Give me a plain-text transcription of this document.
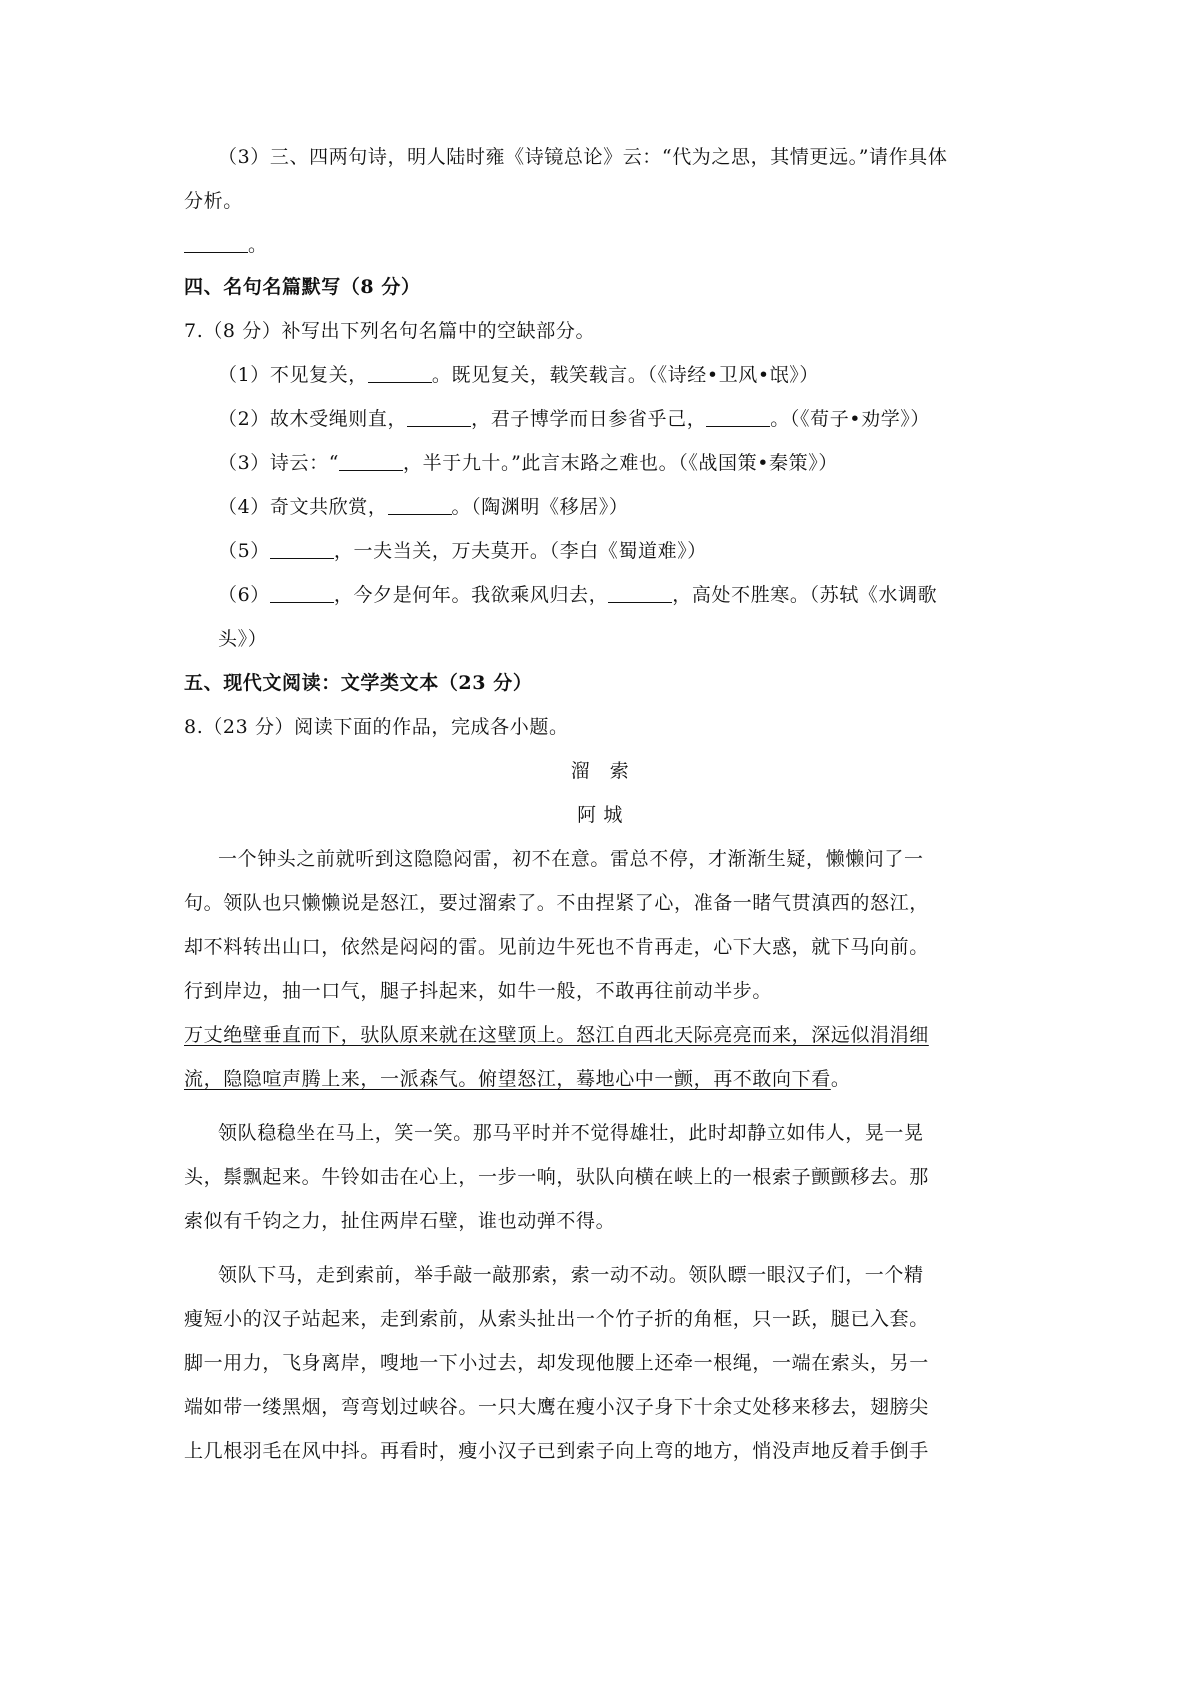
（3）三、四两句诗，明人陆时雍《诗镜总论》云：“代为之思，其情更远。”请作具体
分析。
。
四、名句名篇默写（8 分）
7.（8 分）补写出下列名句名篇中的空缺部分。
（1）不见复关，	。既见复关，载笑载言。（《诗经•卫风•氓》）
（2）故木受绳则直，	，君子博学而日参省乎己，	。（《荀子•劝学》）
（3）诗云：“	，半于九十。”此言末路之难也。（《战国策•秦策》）
（4）奇文共欣赏，	。（陶渊明《移居》）
（5）	，一夫当关，万夫莫开。（李白《蜀道难》）
（6）	，今夕是何年。我欲乘风归去，	，高处不胜寒。（苏轼《水调歌
头》）
五、现代文阅读：文学类文本（23 分）
8.（23 分）阅读下面的作品，完成各小题。
溜　索
阿 城
一个钟头之前就听到这隐隐闷雷，初不在意。雷总不停，才渐渐生疑，懒懒问了一
句。领队也只懒懒说是怒江，要过溜索了。不由捏紧了心，准备一睹气贯滇西的怒江，
却不料转出山口，依然是闷闷的雷。见前边牛死也不肯再走，心下大惑，就下马向前。
行到岸边，抽一口气，腿子抖起来，如牛一般，不敢再往前动半步。
万丈绝壁垂直而下，驮队原来就在这壁顶上。怒江自西北天际亮亮而来，深远似涓涓细
流，隐隐喧声腾上来，一派森气。俯望怒江，蓦地心中一颤，再不敢向下看。
领队稳稳坐在马上，笑一笑。那马平时并不觉得雄壮，此时却静立如伟人，晃一晃
头，鬃飘起来。牛铃如击在心上，一步一响，驮队向横在峡上的一根索子颤颤移去。那
索似有千钧之力，扯住两岸石壁，谁也动弹不得。
领队下马，走到索前，举手敲一敲那索，索一动不动。领队瞟一眼汉子们，一个精
瘦短小的汉子站起来，走到索前，从索头扯出一个竹子折的角框，只一跃，腿已入套。
脚一用力，飞身离岸，嗖地一下小过去，却发现他腰上还牵一根绳，一端在索头，另一
端如带一缕黑烟，弯弯划过峡谷。一只大鹰在瘦小汉子身下十余丈处移来移去，翅膀尖
上几根羽毛在风中抖。再看时，瘦小汉子已到索子向上弯的地方，悄没声地反着手倒手
